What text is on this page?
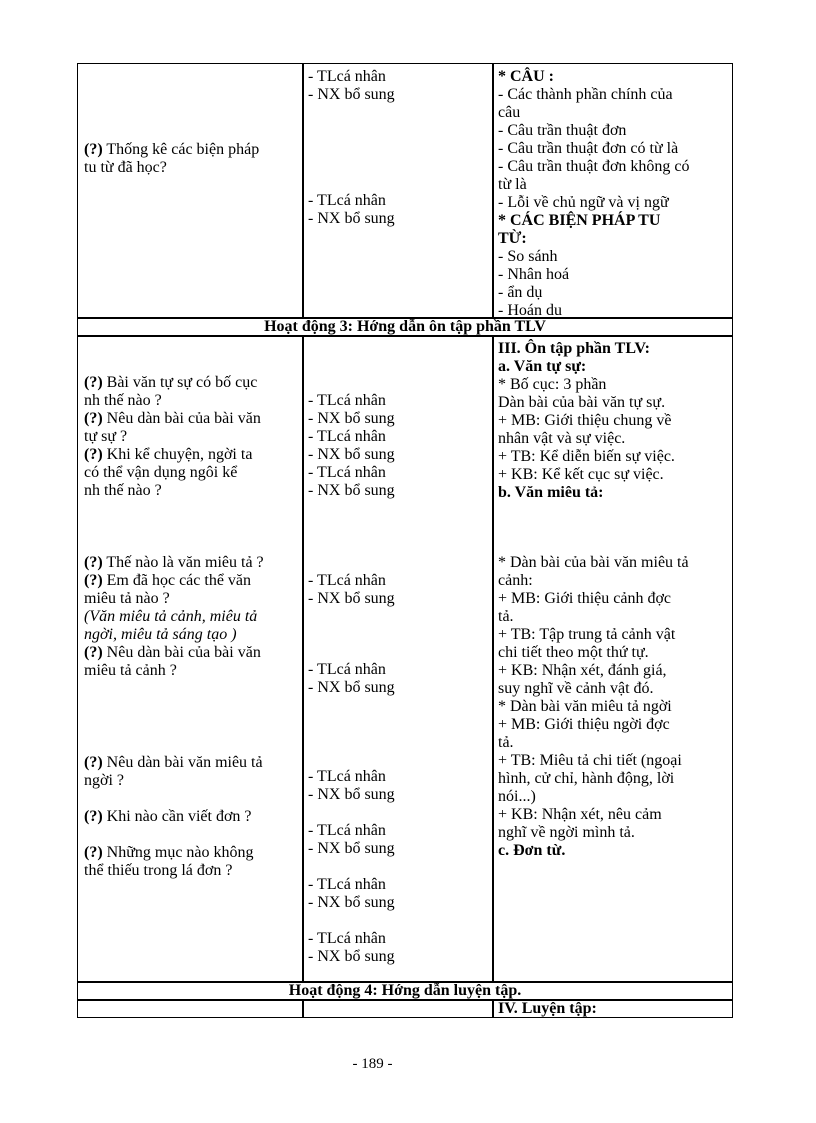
(?) Thống kê các biện pháp
tu từ đã học?
- TLcá nhân
- NX bổ sung
- TLcá nhân
- NX bổ sung
* CÂU :
- Các thành phần chính của
câu
- Câu trần thuật đơn
- Câu trần thuật đơn có từ là
- Câu trần thuật đơn không có
từ là
- Lỗi về chủ ngữ và vị ngữ
* CÁC BIỆN PHÁP TU
TỪ:
- So sánh
- Nhân hoá
- ẩn dụ
- Hoán du
Hoạt động 3: Hớng dẫn ôn tập phần TLV
(?) Bài văn tự sự có bố cục
nh thế nào ?
(?) Nêu dàn bài của bài văn
tự sự ?
(?) Khi kể chuyện, ngời ta
có thể vận dụng ngôi kể
nh thế nào ?
(?) Thế nào là văn miêu tả ?
(?) Em đã học các thể văn
miêu tả nào ?
(Văn miêu tả cảnh, miêu tả
ngời, miêu tả sáng tạo )
(?) Nêu dàn bài của bài văn
miêu tả cảnh ?
(?) Nêu dàn bài văn miêu tả
ngời ?
(?) Khi nào cần viết đơn ?
(?) Những mục nào không
thể thiếu trong lá đơn ?
- TLcá nhân
- NX bổ sung
- TLcá nhân
- NX bổ sung
- TLcá nhân
- NX bổ sung
- TLcá nhân
- NX bổ sung
- TLcá nhân
- NX bổ sung
- TLcá nhân
- NX bổ sung
- TLcá nhân
- NX bổ sung
- TLcá nhân
- NX bổ sung
- TLcá nhân
- NX bổ sung
III. Ôn tập phần TLV:
a. Văn tự sự:
* Bố cục: 3 phần
Dàn bài của bài văn tự sự.
+ MB: Giới thiệu chung về
nhân vật và sự việc.
+ TB: Kể diễn biến sự việc.
+ KB: Kể kết cục sự việc.
b. Văn miêu tả:
* Dàn bài của bài văn miêu tả
cảnh:
+ MB: Giới thiệu cảnh đợc
tả.
+ TB: Tập trung tả cảnh vật
chi tiết theo một thứ tự.
+ KB: Nhận xét, đánh giá,
suy nghĩ về cảnh vật đó.
* Dàn bài văn miêu tả ngời
+ MB: Giới thiệu ngời đợc
tả.
+ TB: Miêu tả chi tiết (ngoại
hình, cử chỉ, hành động, lời
nói...)
+ KB: Nhận xét, nêu cảm
nghĩ về ngời mình tả.
c. Đơn từ.
Hoạt động 4: Hớng dẫn luyện tập.
IV. Luyện tập:
- 189 -
